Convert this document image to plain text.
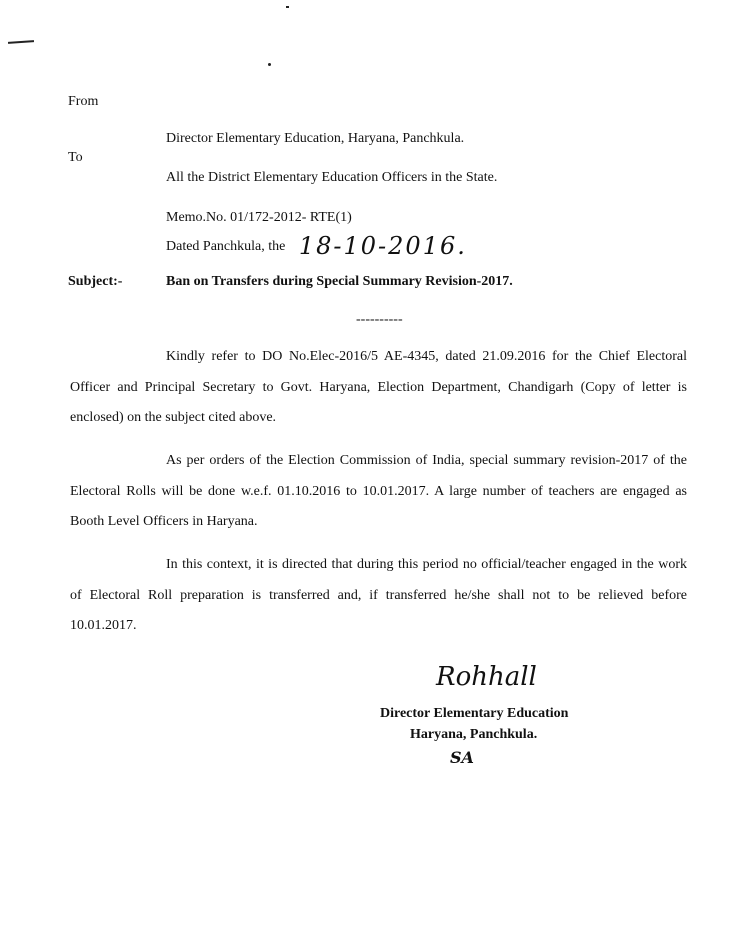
From
Director Elementary Education, Haryana, Panchkula.
To
All the District Elementary Education Officers in the State.
Memo.No. 01/172-2012- RTE(1)
Dated Panchkula, the 18-10-2016.
Subject:-	Ban on Transfers during Special Summary Revision-2017.
----------
Kindly refer to DO No.Elec-2016/5 AE-4345, dated 21.09.2016 for the Chief Electoral Officer and Principal Secretary to Govt. Haryana, Election Department, Chandigarh (Copy of letter is enclosed) on the subject cited above.
As per orders of the Election Commission of India, special summary revision-2017 of the Electoral Rolls will be done w.e.f. 01.10.2016 to 10.01.2017. A large number of teachers are engaged as Booth Level Officers in Haryana.
In this context, it is directed that during this period no official/teacher engaged in the work of Electoral Roll preparation is transferred and, if transferred he/she shall not to be relieved before 10.01.2017.
Rohhall
Director Elementary Education
Haryana, Panchkula.
SA
